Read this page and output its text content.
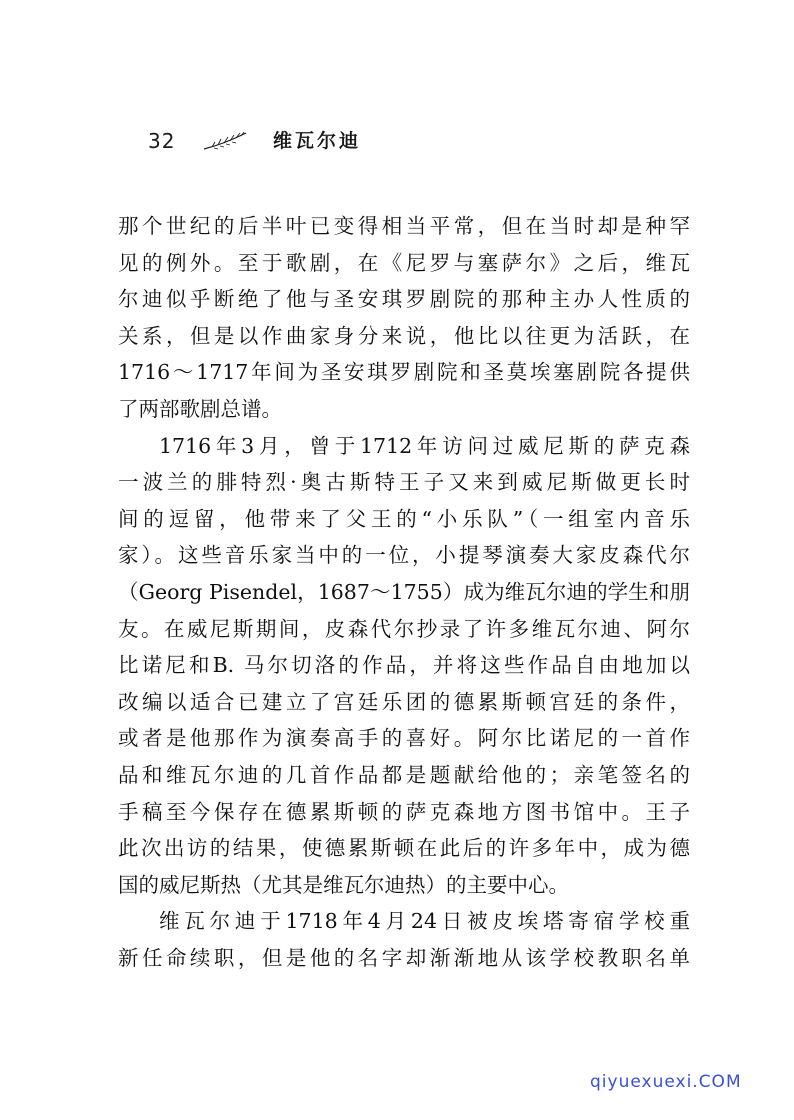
32	维瓦尔迪
那个世纪的后半叶已变得相当平常，但在当时却是种罕
见的例外。至于歌剧，在《尼罗与塞萨尔》之后，维瓦
尔迪似乎断绝了他与圣安琪罗剧院的那种主办人性质的
关系，但是以作曲家身分来说，他比以往更为活跃，在
1716～1717年间为圣安琪罗剧院和圣莫埃塞剧院各提供
了两部歌剧总谱。
1716年3月，曾于1712年访问过威尼斯的萨克森
一波兰的腓特烈·奥古斯特王子又来到威尼斯做更长时
间的逗留，他带来了父王的“小乐队”（一组室内音乐
家）。这些音乐家当中的一位，小提琴演奏大家皮森代尔
（Georg Pisendel，1687～1755）成为维瓦尔迪的学生和朋
友。在威尼斯期间，皮森代尔抄录了许多维瓦尔迪、阿尔
比诺尼和B. 马尔切洛的作品，并将这些作品自由地加以
改编以适合已建立了宫廷乐团的德累斯顿宫廷的条件，
或者是他那作为演奏高手的喜好。阿尔比诺尼的一首作
品和维瓦尔迪的几首作品都是题献给他的；亲笔签名的
手稿至今保存在德累斯顿的萨克森地方图书馆中。王子
此次出访的结果，使德累斯顿在此后的许多年中，成为德
国的威尼斯热（尤其是维瓦尔迪热）的主要中心。
维瓦尔迪于1718年4月24日被皮埃塔寄宿学校重
新任命续职，但是他的名字却渐渐地从该学校教职名单
qiyuexuexi.COM
